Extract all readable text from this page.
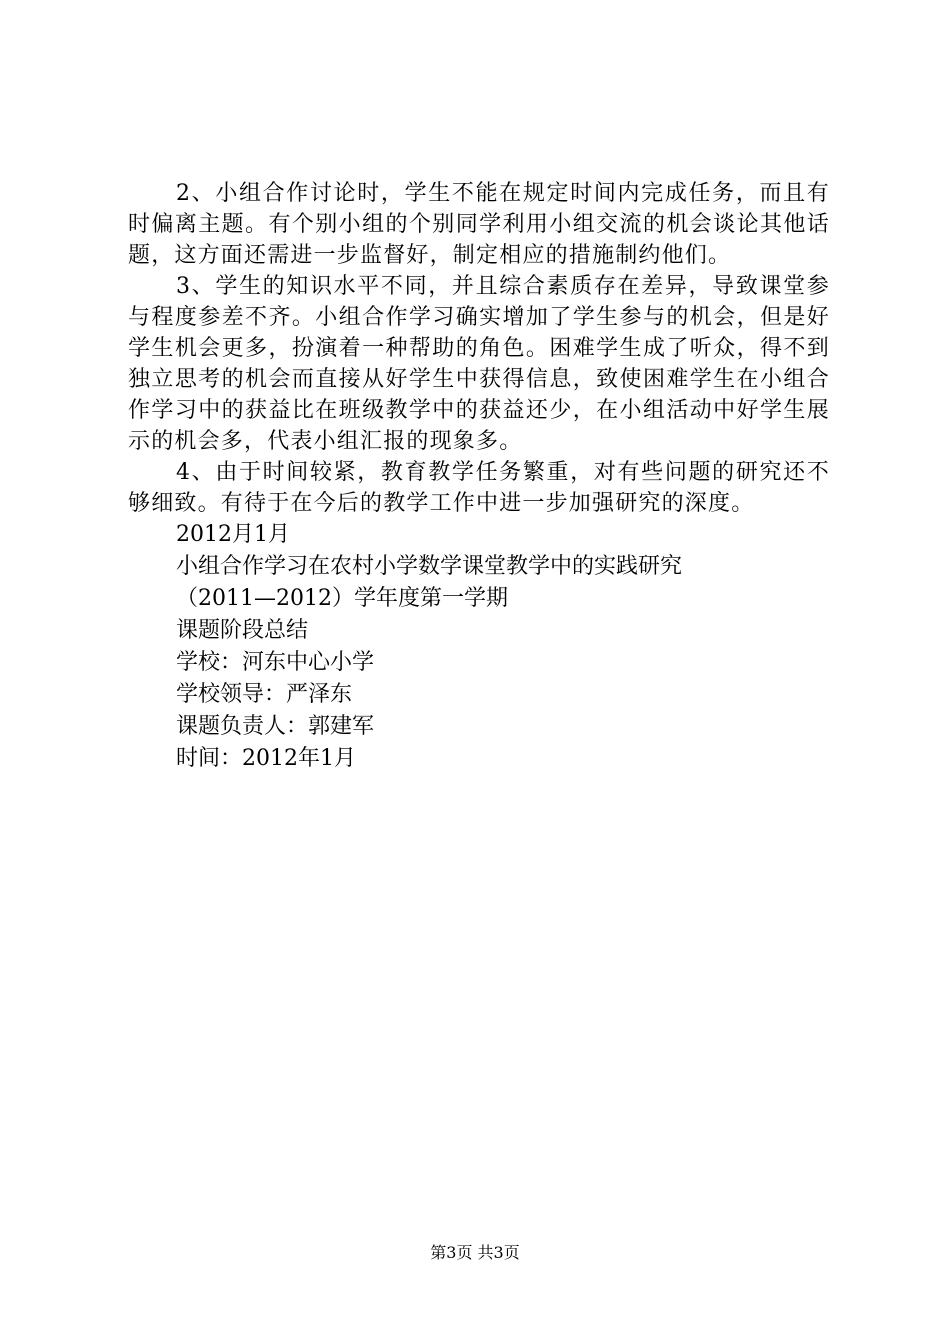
2、小组合作讨论时，学生不能在规定时间内完成任务，而且有时偏离主题。有个别小组的个别同学利用小组交流的机会谈论其他话题，这方面还需进一步监督好，制定相应的措施制约他们。

3、学生的知识水平不同，并且综合素质存在差异，导致课堂参与程度参差不齐。小组合作学习确实增加了学生参与的机会，但是好学生机会更多，扮演着一种帮助的角色。困难学生成了听众，得不到独立思考的机会而直接从好学生中获得信息，致使困难学生在小组合作学习中的获益比在班级教学中的获益还少，在小组活动中好学生展示的机会多，代表小组汇报的现象多。

4、由于时间较紧，教育教学任务繁重，对有些问题的研究还不够细致。有待于在今后的教学工作中进一步加强研究的深度。

2012月1月

小组合作学习在农村小学数学课堂教学中的实践研究

（2011—2012）学年度第一学期

课题阶段总结

学校：河东中心小学

学校领导：严泽东

课题负责人：郭建军

时间：2012年1月

第3页 共3页
